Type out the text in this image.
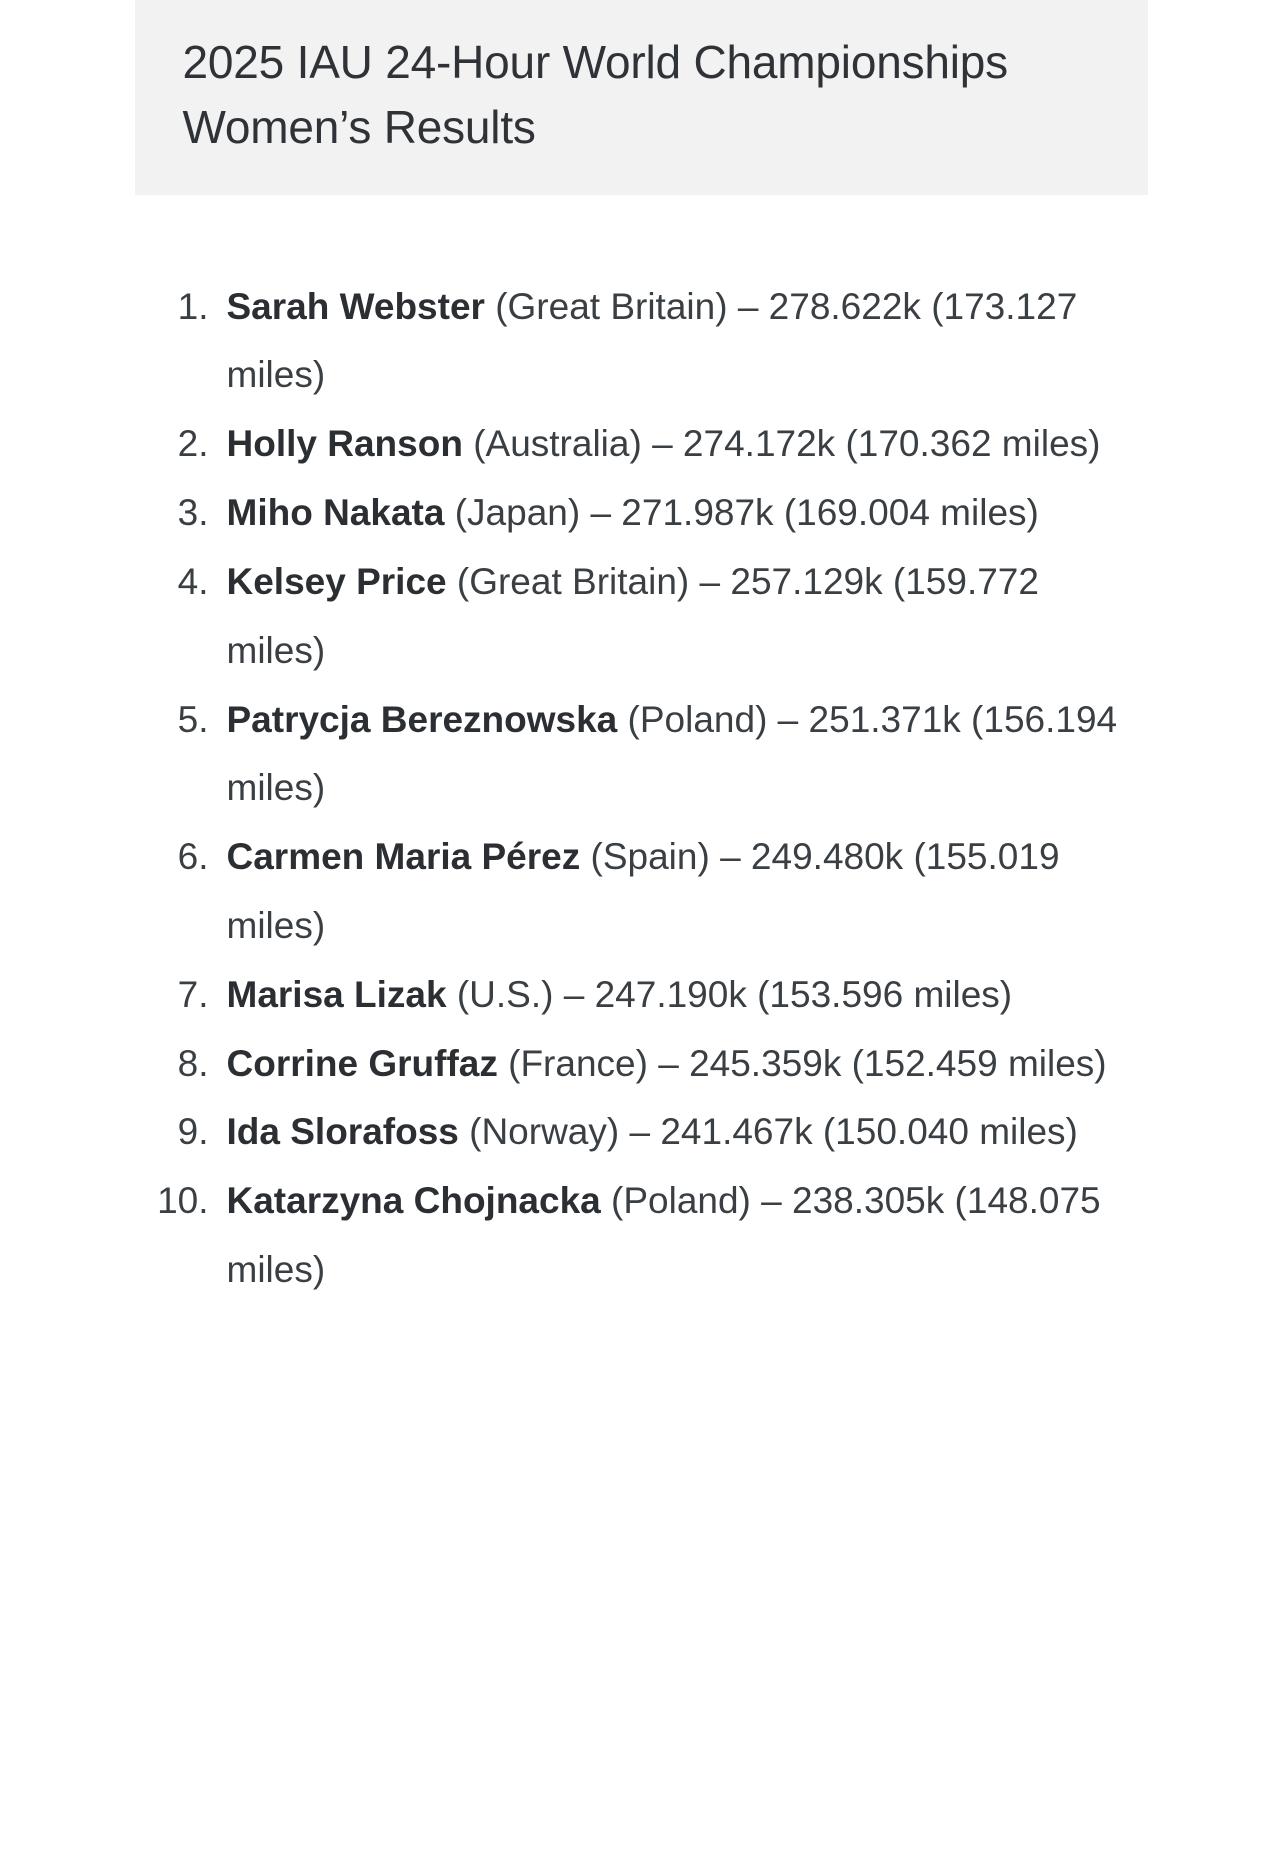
2025 IAU 24-Hour World Championships Women’s Results
1. Sarah Webster (Great Britain) – 278.622k (173.127 miles)
2. Holly Ranson (Australia) – 274.172k (170.362 miles)
3. Miho Nakata (Japan) – 271.987k (169.004 miles)
4. Kelsey Price (Great Britain) – 257.129k (159.772 miles)
5. Patrycja Bereznowska (Poland) – 251.371k (156.194 miles)
6. Carmen Maria Pérez (Spain) – 249.480k (155.019 miles)
7. Marisa Lizak (U.S.) – 247.190k (153.596 miles)
8. Corrine Gruffaz (France) – 245.359k (152.459 miles)
9. Ida Slorafoss (Norway) – 241.467k (150.040 miles)
10. Katarzyna Chojnacka (Poland) – 238.305k (148.075 miles)
